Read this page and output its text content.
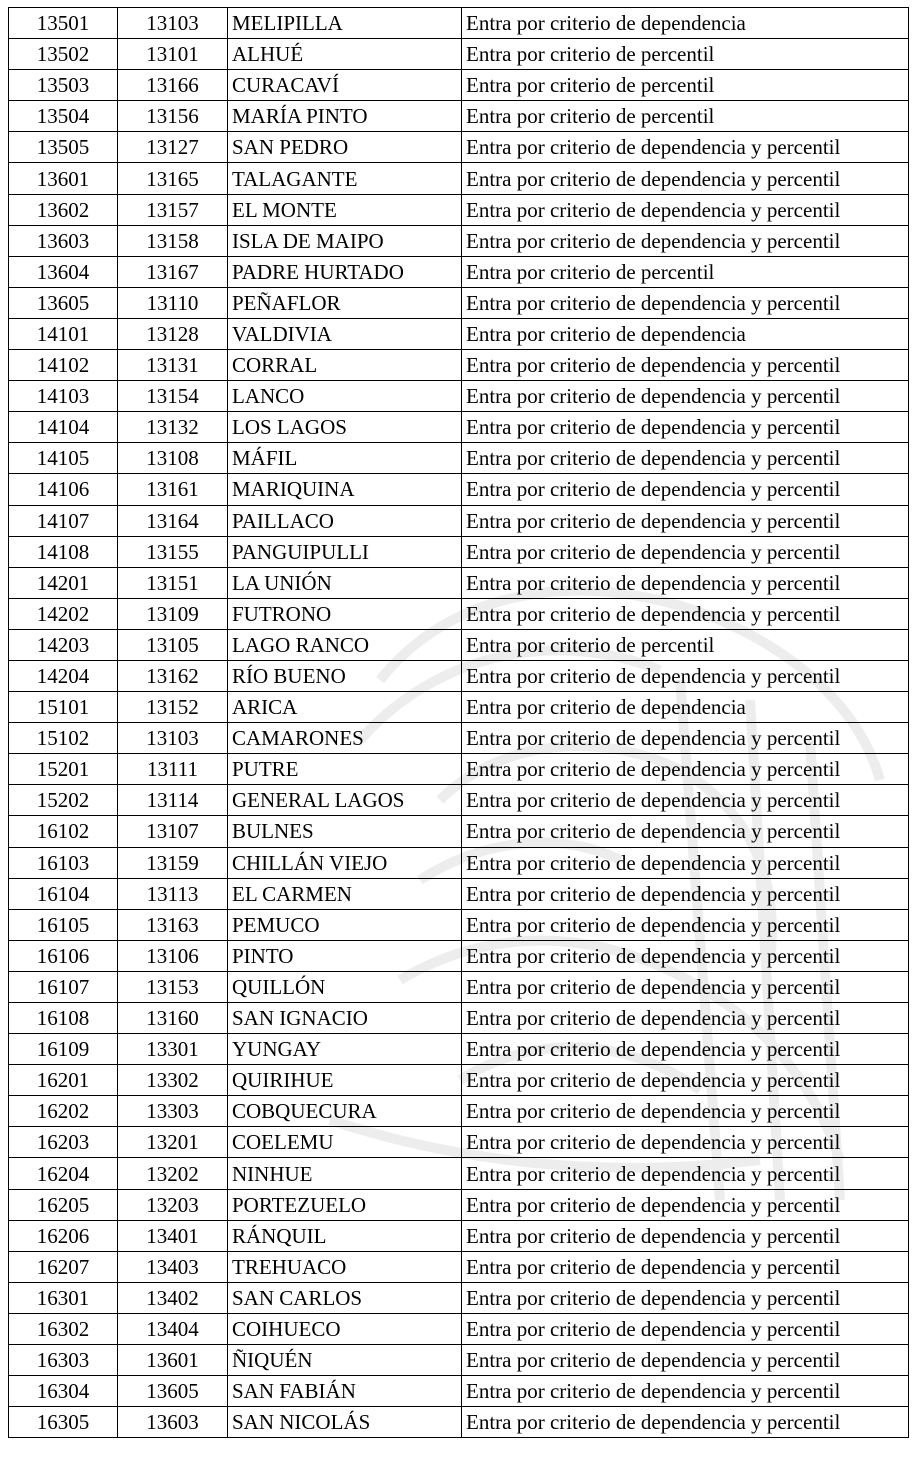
13501	13103	MELIPILLA	Entra por criterio de dependencia
13502	13101	ALHUÉ	Entra por criterio de percentil
13503	13166	CURACAVÍ	Entra por criterio de percentil
13504	13156	MARÍA PINTO	Entra por criterio de percentil
13505	13127	SAN PEDRO	Entra por criterio de dependencia y percentil
13601	13165	TALAGANTE	Entra por criterio de dependencia y percentil
13602	13157	EL MONTE	Entra por criterio de dependencia y percentil
13603	13158	ISLA DE MAIPO	Entra por criterio de dependencia y percentil
13604	13167	PADRE HURTADO	Entra por criterio de percentil
13605	13110	PEÑAFLOR	Entra por criterio de dependencia y percentil
14101	13128	VALDIVIA	Entra por criterio de dependencia
14102	13131	CORRAL	Entra por criterio de dependencia y percentil
14103	13154	LANCO	Entra por criterio de dependencia y percentil
14104	13132	LOS LAGOS	Entra por criterio de dependencia y percentil
14105	13108	MÁFIL	Entra por criterio de dependencia y percentil
14106	13161	MARIQUINA	Entra por criterio de dependencia y percentil
14107	13164	PAILLACO	Entra por criterio de dependencia y percentil
14108	13155	PANGUIPULLI	Entra por criterio de dependencia y percentil
14201	13151	LA UNIÓN	Entra por criterio de dependencia y percentil
14202	13109	FUTRONO	Entra por criterio de dependencia y percentil
14203	13105	LAGO RANCO	Entra por criterio de percentil
14204	13162	RÍO BUENO	Entra por criterio de dependencia y percentil
15101	13152	ARICA	Entra por criterio de dependencia
15102	13103	CAMARONES	Entra por criterio de dependencia y percentil
15201	13111	PUTRE	Entra por criterio de dependencia y percentil
15202	13114	GENERAL LAGOS	Entra por criterio de dependencia y percentil
16102	13107	BULNES	Entra por criterio de dependencia y percentil
16103	13159	CHILLÁN VIEJO	Entra por criterio de dependencia y percentil
16104	13113	EL CARMEN	Entra por criterio de dependencia y percentil
16105	13163	PEMUCO	Entra por criterio de dependencia y percentil
16106	13106	PINTO	Entra por criterio de dependencia y percentil
16107	13153	QUILLÓN	Entra por criterio de dependencia y percentil
16108	13160	SAN IGNACIO	Entra por criterio de dependencia y percentil
16109	13301	YUNGAY	Entra por criterio de dependencia y percentil
16201	13302	QUIRIHUE	Entra por criterio de dependencia y percentil
16202	13303	COBQUECURA	Entra por criterio de dependencia y percentil
16203	13201	COELEMU	Entra por criterio de dependencia y percentil
16204	13202	NINHUE	Entra por criterio de dependencia y percentil
16205	13203	PORTEZUELO	Entra por criterio de dependencia y percentil
16206	13401	RÁNQUIL	Entra por criterio de dependencia y percentil
16207	13403	TREHUACO	Entra por criterio de dependencia y percentil
16301	13402	SAN CARLOS	Entra por criterio de dependencia y percentil
16302	13404	COIHUECO	Entra por criterio de dependencia y percentil
16303	13601	ÑIQUÉN	Entra por criterio de dependencia y percentil
16304	13605	SAN FABIÁN	Entra por criterio de dependencia y percentil
16305	13603	SAN NICOLÁS	Entra por criterio de dependencia y percentil
